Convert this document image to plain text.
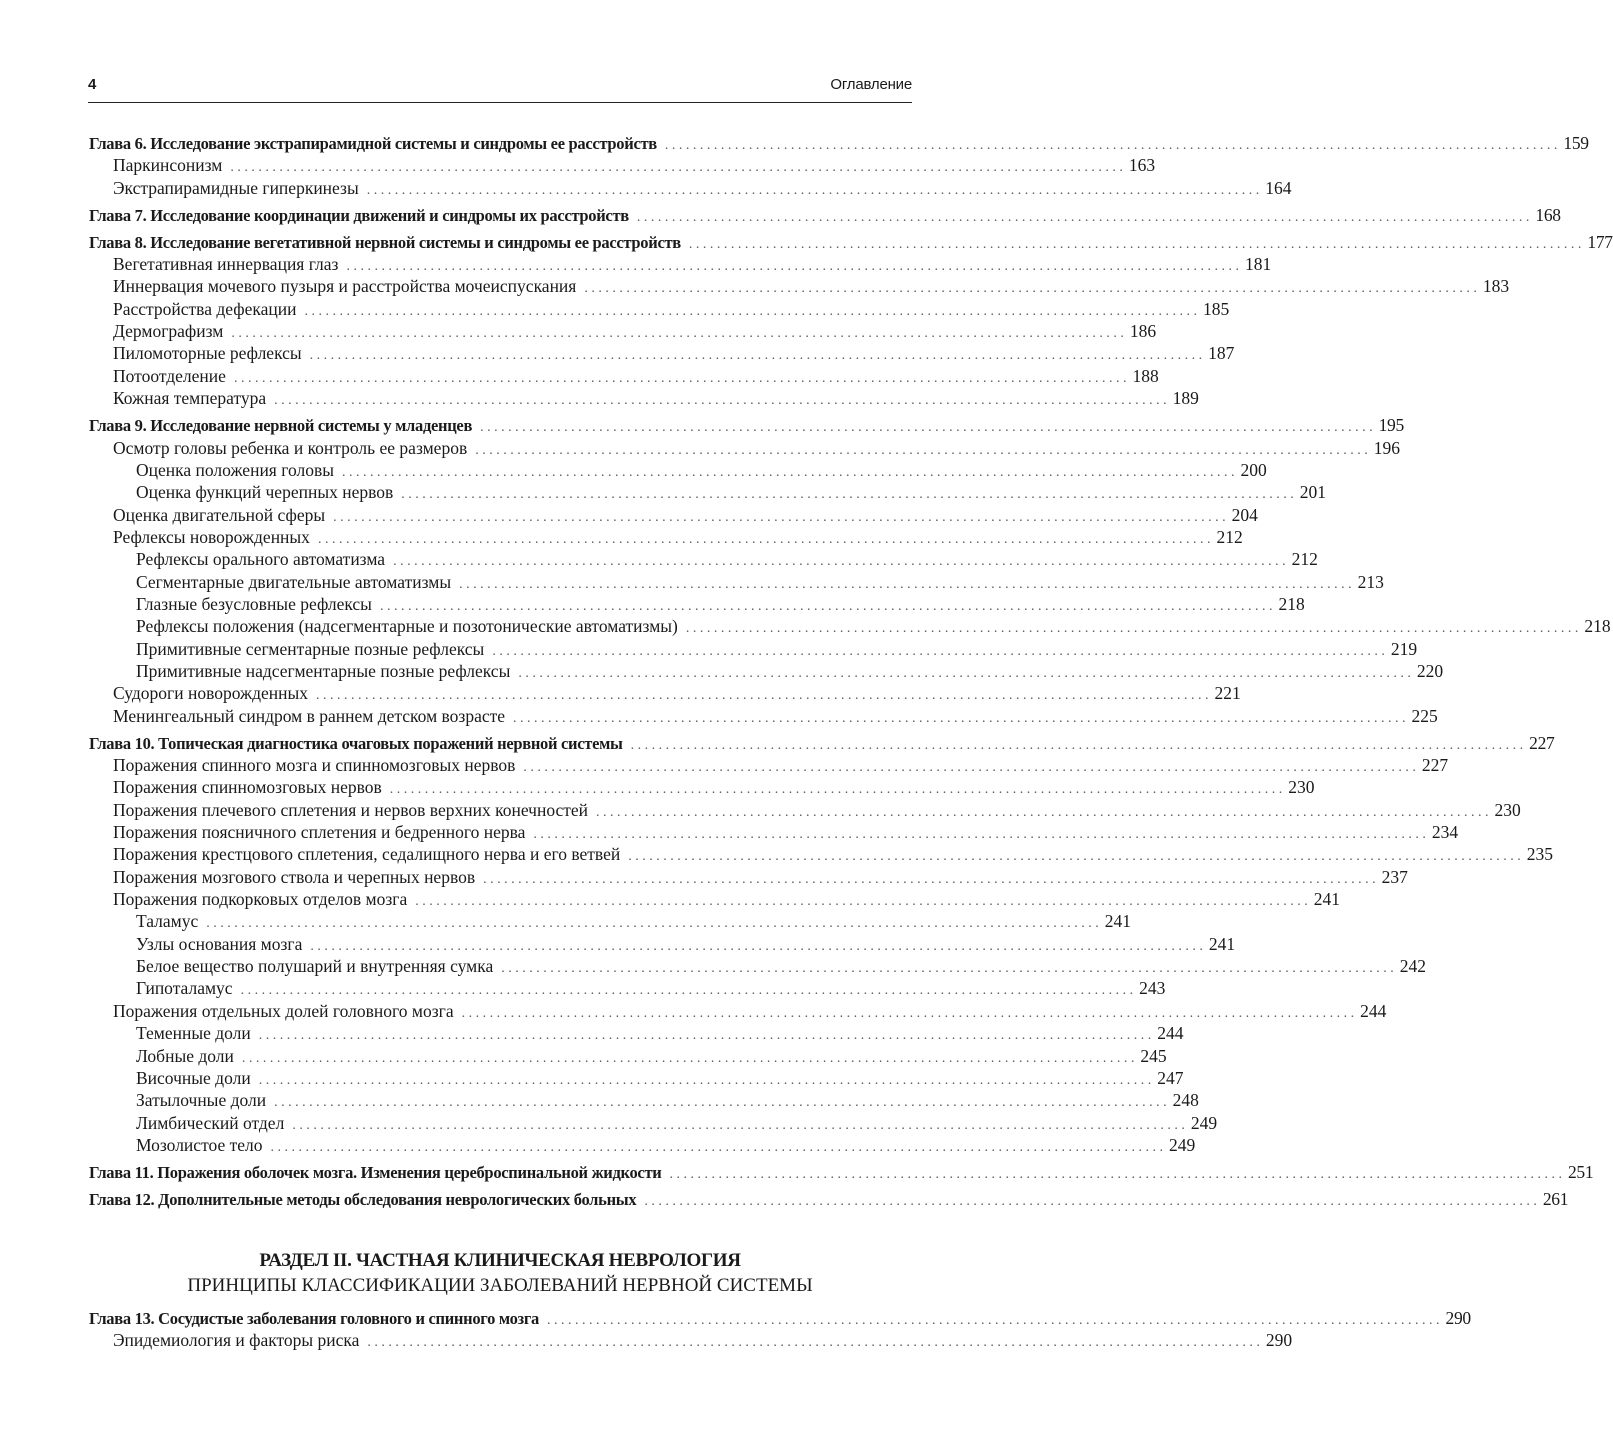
4	Оглавление
Глава 6. Исследование экстрапирамидной системы и синдромы ее расстройств . . .	159
Паркинсонизм . . .	163
Экстрапирамидные гиперкинезы . . .	164
Глава 7. Исследование координации движений и синдромы их расстройств . . .	168
Глава 8. Исследование вегетативной нервной системы и синдромы ее расстройств . . .	177
Вегетативная иннервация глаз . . .	181
Иннервация мочевого пузыря и расстройства мочеиспускания . . .	183
Расстройства дефекации . . .	185
Дермографизм . . .	186
Пиломоторные рефлексы . . .	187
Потоотделение . . .	188
Кожная температура . . .	189
Глава 9. Исследование нервной системы у младенцев . . .	195
Осмотр головы ребенка и контроль ее размеров . . .	196
Оценка положения головы . . .	200
Оценка функций черепных нервов . . .	201
Оценка двигательной сферы . . .	204
Рефлексы новорожденных . . .	212
Рефлексы орального автоматизма . . .	212
Сегментарные двигательные автоматизмы . . .	213
Глазные безусловные рефлексы . . .	218
Рефлексы положения (надсегментарные и позотонические автоматизмы) . . .	218
Примитивные сегментарные позные рефлексы . . .	219
Примитивные надсегментарные позные рефлексы . . .	220
Судороги новорожденных . . .	221
Менингеальный синдром в раннем детском возрасте . . .	225
Глава 10. Топическая диагностика очаговых поражений нервной системы . . .	227
Поражения спинного мозга и спинномозговых нервов . . .	227
Поражения спинномозговых нервов . . .	230
Поражения плечевого сплетения и нервов верхних конечностей . . .	230
Поражения поясничного сплетения и бедренного нерва . . .	234
Поражения крестцового сплетения, седалищного нерва и его ветвей . . .	235
Поражения мозгового ствола и черепных нервов . . .	237
Поражения подкорковых отделов мозга . . .	241
Таламус . . .	241
Узлы основания мозга . . .	241
Белое вещество полушарий и внутренняя сумка . . .	242
Гипоталамус . . .	243
Поражения отдельных долей головного мозга . . .	244
Теменные доли . . .	244
Лобные доли . . .	245
Височные доли . . .	247
Затылочные доли . . .	248
Лимбический отдел . . .	249
Мозолистое тело . . .	249
Глава 11. Поражения оболочек мозга. Изменения цереброспинальной жидкости . . .	251
Глава 12. Дополнительные методы обследования неврологических больных . . .	261
РАЗДЕЛ II. ЧАСТНАЯ КЛИНИЧЕСКАЯ НЕВРОЛОГИЯ
ПРИНЦИПЫ КЛАССИФИКАЦИИ ЗАБОЛЕВАНИЙ НЕРВНОЙ СИСТЕМЫ
Глава 13. Сосудистые заболевания головного и спинного мозга . . .	290
Эпидемиология и факторы риска . . .	290
